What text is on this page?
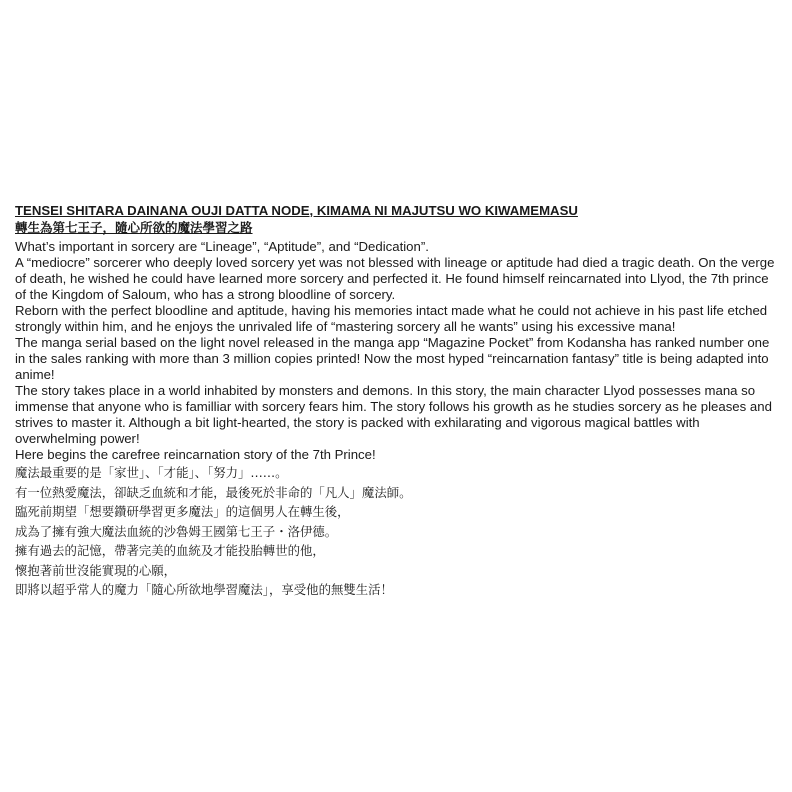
TENSEI SHITARA DAINANA OUJI DATTA NODE, KIMAMA NI MAJUTSU WO KIWAMEMASU

轉生為第七王子，隨心所欲的魔法學習之路

What’s important in sorcery are “Lineage”, “Aptitude”, and “Dedication”.

A “mediocre” sorcerer who deeply loved sorcery yet was not blessed with lineage or aptitude had died a tragic death. On the verge of death, he wished he could have learned more sorcery and perfected it. He found himself reincarnated into Llyod, the 7th prince of the Kingdom of Saloum, who has a strong bloodline of sorcery.

Reborn with the perfect bloodline and aptitude, having his memories intact made what he could not achieve in his past life etched strongly within him, and he enjoys the unrivaled life of “mastering sorcery all he wants” using his excessive mana!

The manga serial based on the light novel released in the manga app “Magazine Pocket” from Kodansha has ranked number one in the sales ranking with more than 3 million copies printed! Now the most hyped “reincarnation fantasy” title is being adapted into anime!

The story takes place in a world inhabited by monsters and demons. In this story, the main character Llyod possesses mana so immense that anyone who is familliar with sorcery fears him. The story follows his growth as he studies sorcery as he pleases and strives to master it. Although a bit light-hearted, the story is packed with exhilarating and vigorous magical battles with overwhelming power!

Here begins the carefree reincarnation story of the 7th Prince!

魔法最重要的是「家世」、「才能」、「努力」……。

有一位熱愛魔法，卻缺乏血統和才能，最後死於非命的「凡人」魔法師。

臨死前期望「想要鑽研學習更多魔法」的這個男人在轉生後，

成為了擁有強大魔法血統的沙魯姆王國第七王子・洛伊德。

擁有過去的記憶，帶著完美的血統及才能投胎轉世的他，

懷抱著前世沒能實現的心願，

即將以超乎常人的魔力「隨心所欲地學習魔法」，享受他的無雙生活！
